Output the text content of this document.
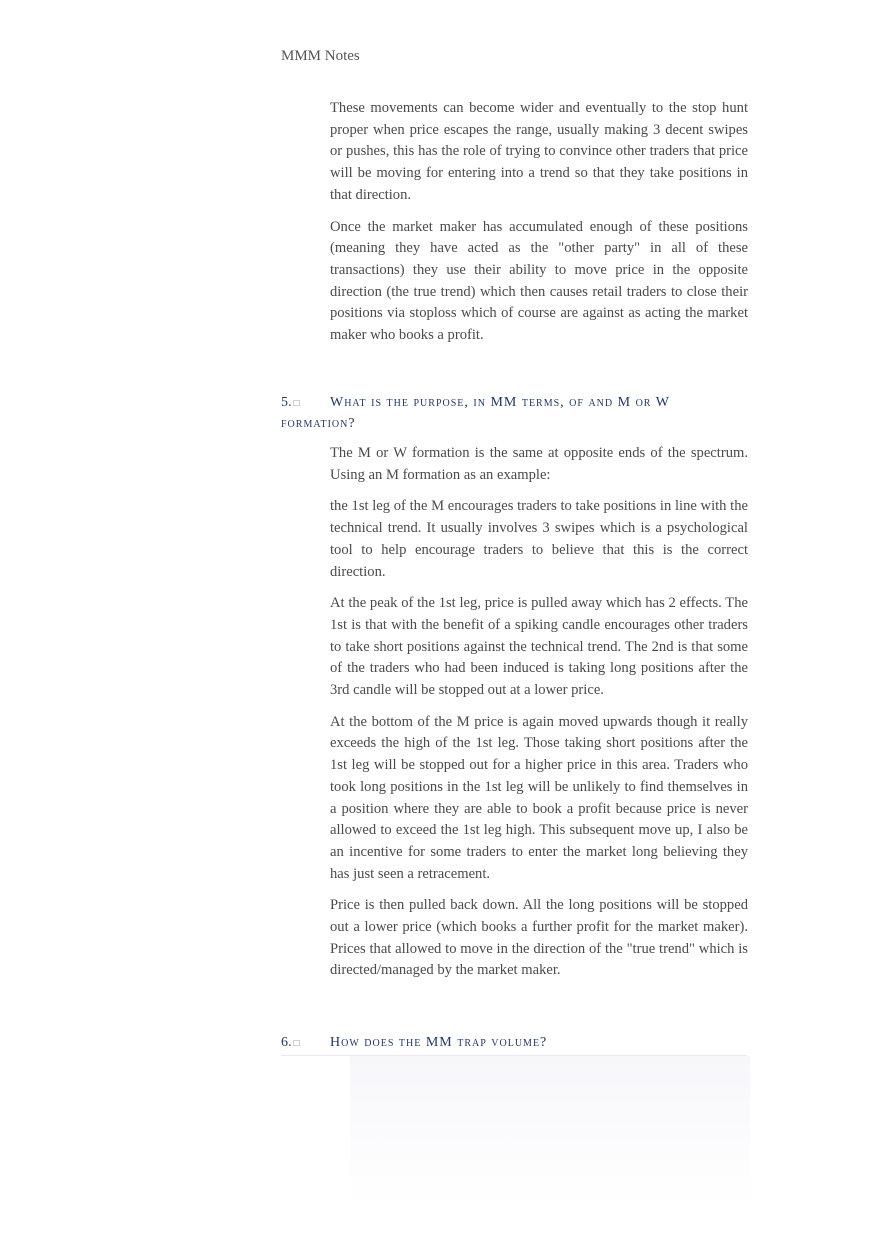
MMM Notes

These movements can become wider and eventually to the stop hunt proper when price escapes the range, usually making 3 decent swipes or pushes, this has the role of trying to convince other traders that price will be moving for entering into a trend so that they take positions in that direction.

Once the market maker has accumulated enough of these positions (meaning they have acted as the "other party" in all of these transactions) they use their ability to move price in the opposite direction (the true trend) which then causes retail traders to close their positions via stoploss which of course are against as acting the market maker who books a profit.

5. □ What is the purpose, in MM terms, of and M or W formation?

The M or W formation is the same at opposite ends of the spectrum. Using an M formation as an example:

the 1st leg of the M encourages traders to take positions in line with the technical trend. It usually involves 3 swipes which is a psychological tool to help encourage traders to believe that this is the correct direction.

At the peak of the 1st leg, price is pulled away which has 2 effects. The 1st is that with the benefit of a spiking candle encourages other traders to take short positions against the technical trend. The 2nd is that some of the traders who had been induced is taking long positions after the 3rd candle will be stopped out at a lower price.

At the bottom of the M price is again moved upwards though it really exceeds the high of the 1st leg. Those taking short positions after the 1st leg will be stopped out for a higher price in this area. Traders who took long positions in the 1st leg will be unlikely to find themselves in a position where they are able to book a profit because price is never allowed to exceed the 1st leg high. This subsequent move up, I also be an incentive for some traders to enter the market long believing they has just seen a retracement.

Price is then pulled back down. All the long positions will be stopped out a lower price (which books a further profit for the market maker). Prices that allowed to move in the direction of the "true trend" which is directed/managed by the market maker.

6. □ How does the MM trap volume?
